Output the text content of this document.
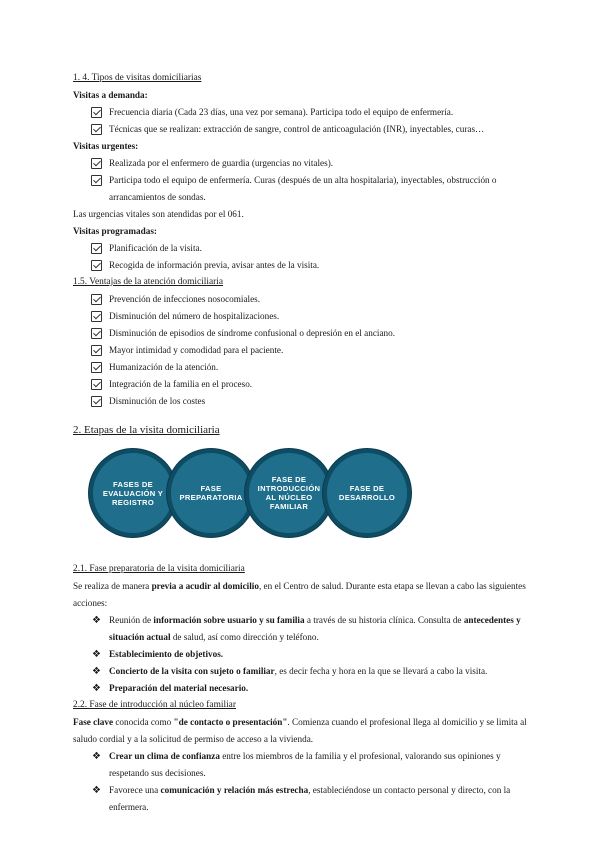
1. 4. Tipos de visitas domiciliarias
Visitas a demanda:
Frecuencia diaria (Cada 23 días, una vez por semana). Participa todo el equipo de enfermería.
Técnicas que se realizan: extracción de sangre, control de anticoagulación (INR), inyectables, curas…
Visitas urgentes:
Realizada por el enfermero de guardia (urgencias no vitales).
Participa todo el equipo de enfermería. Curas (después de un alta hospitalaria), inyectables, obstrucción o arrancamientos de sondas.
Las urgencias vitales son atendidas por el 061.
Visitas programadas:
Planificación de la visita.
Recogida de información previa, avisar antes de la visita.
1.5. Ventajas de la atención domiciliaria
Prevención de infecciones nosocomiales.
Disminución del número de hospitalizaciones.
Disminución de episodios de síndrome confusional o depresión en el anciano.
Mayor intimidad y comodidad para el paciente.
Humanización de la atención.
Integración de la familia en el proceso.
Disminución de los costes
2. Etapas de la visita domiciliaria
FASES DE EVALUACIÓN Y REGISTRO
FASE PREPARATORIA
FASE DE INTRODUCCIÓN AL NÚCLEO FAMILIAR
FASE DE DESARROLLO
2.1. Fase preparatoria de la visita domiciliaria
Se realiza de manera previa a acudir al domicilio, en el Centro de salud. Durante esta etapa se llevan a cabo las siguientes acciones:
❖ Reunión de información sobre usuario y su familia a través de su historia clínica. Consulta de antecedentes y situación actual de salud, así como dirección y teléfono.
❖ Establecimiento de objetivos.
❖ Concierto de la visita con sujeto o familiar, es decir fecha y hora en la que se llevará a cabo la visita.
❖ Preparación del material necesario.
2.2. Fase de introducción al núcleo familiar
Fase clave conocida como "de contacto o presentación". Comienza cuando el profesional llega al domicilio y se limita al saludo cordial y a la solicitud de permiso de acceso a la vivienda.
❖ Crear un clima de confianza entre los miembros de la familia y el profesional, valorando sus opiniones y respetando sus decisiones.
❖ Favorece una comunicación y relación más estrecha, estableciéndose un contacto personal y directo, con la enfermera.
